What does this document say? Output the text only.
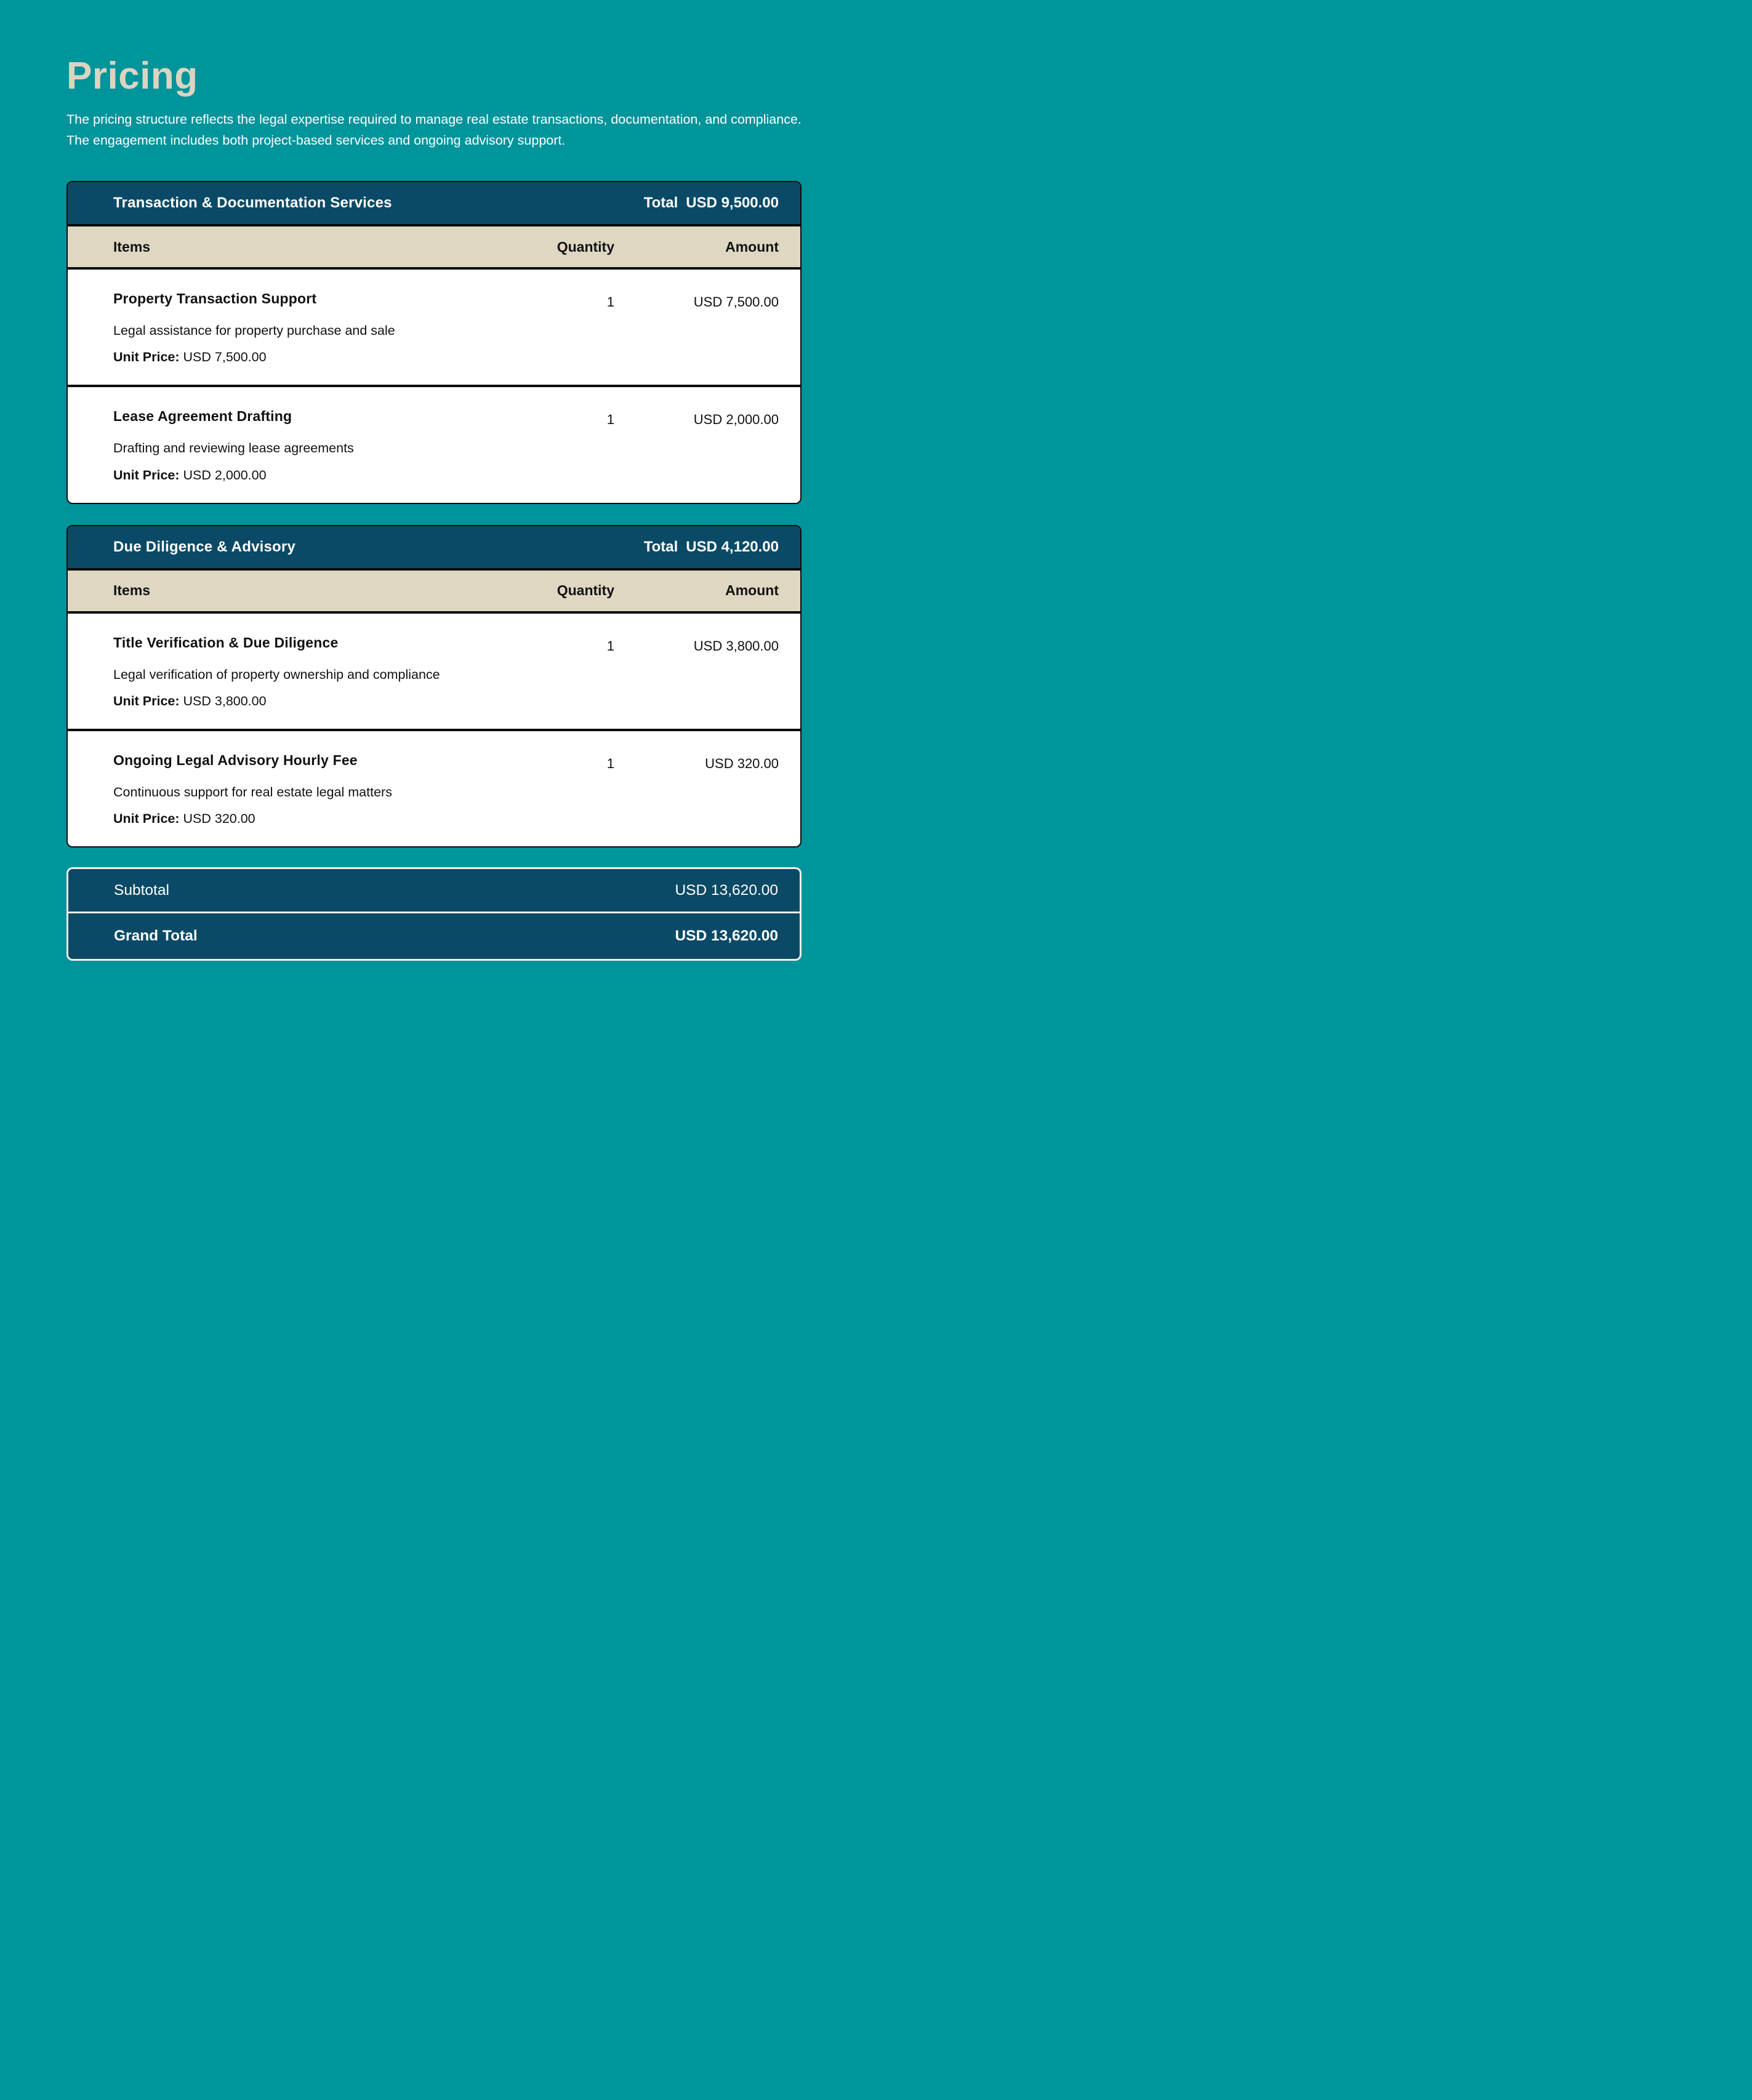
Pricing

The pricing structure reflects the legal expertise required to manage real estate transactions, documentation, and compliance. The engagement includes both project-based services and ongoing advisory support.

Transaction & Documentation Services	Total USD 9,500.00
Items	Quantity	Amount
Property Transaction Support
Legal assistance for property purchase and sale
Unit Price: USD 7,500.00
1	USD 7,500.00
Lease Agreement Drafting
Drafting and reviewing lease agreements
Unit Price: USD 2,000.00
1	USD 2,000.00
Due Diligence & Advisory	Total USD 4,120.00
Items	Quantity	Amount
Title Verification & Due Diligence
Legal verification of property ownership and compliance
Unit Price: USD 3,800.00
1	USD 3,800.00
Ongoing Legal Advisory Hourly Fee
Continuous support for real estate legal matters
Unit Price: USD 320.00
1	USD 320.00
Subtotal	USD 13,620.00
Grand Total	USD 13,620.00
